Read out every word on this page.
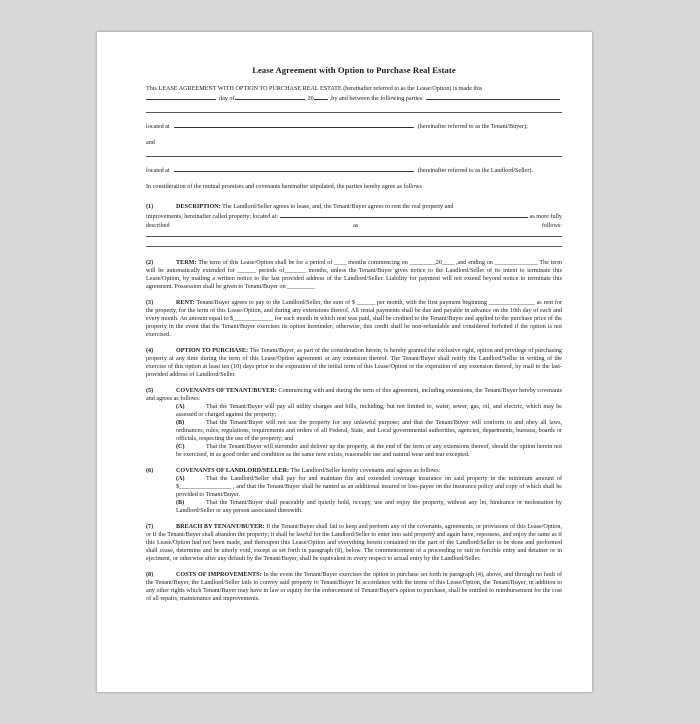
Lease Agreement with Option to Purchase Real Estate

This LEASE AGREEMENT WITH OPTION TO PURCHASE REAL ESTATE (hereinafter referred to as the Lease/Option) is made this

day of	, 20	,by and between the following parties:
located at	(hereinafter referred to as the Tenant/Buyer);

and

located at	(hereinafter referred to as the Landlord/Seller).

In consideration of the mutual promises and covenants hereinafter stipulated, the parties hereby agree as follows

(1)	DESCRIPTION: The Landlord/Seller agrees to lease, and, the Tenant/Buyer agrees to rent the real property and

improvements, hereinafter called property; located at:	as more fully
described	as	follows:

(2)	TERM: The term of this Lease/Option shall be for a period of ____ months commencing on ________,20____ ,and ending on ______________ The term will be automatically extended for ______ periods of_______ months, unless the Tenant/Buyer gives notice to the Landlord/Seller of its intent to terminate this Lease/Option, by mailing a written notice to the last provided address of the Landlord/Seller. Liability for payment will not extend beyond notice to terminate this agreement. Possession shall be given to Tenant/Buyer on _________

(3)	RENT: Tenant/Buyer agrees to pay to the Landlord/Seller, the sum of $ ______ per month, with the first payment beginning _______________ as rent for the property, for the term of this Lease/Option, and during any extensions thereof. All rental payments shall be due and payable in advance on the 10th day of each and every month. An amount equal to $_____________ for each month in which rent was paid, shall be credited to the Tenant/Buyer and applied to the purchase price of the property in the event that the Tenant/Buyer exercises its option hereunder; otherwise, this credit shall be non-refundable and considered forfeited if the option is not exercised.

(4)	OPTION TO PURCHASE: The Tenant/Buyer, as part of the consideration herein, is hereby granted the exclusive right, option and privilege of purchasing property at any time during the term of this Lease/Option agreement or any extension thereof. The Tenant/Buyer shall notify the Landlord/Seller in writing of the exercise of this option at least ten (10) days prior to the expiration of the initial term of this Lease/Option or the expiration of any extension thereof, by mail to the last-provided address of Landlord/Seller.

(5)	COVENANTS OF TENANT/BUYER: Commencing with and during the term of this agreement, including extensions, the Tenant/Buyer hereby covenants and agrees as follows:

(A)	That the Tenant/Buyer will pay all utility charges and bills, including, but not limited to, water, sewer, gas, oil, and electric, which may be assessed or charged against the property;

(B)	That the Tenant/Buyer will not use the property for any unlawful purpose; and that the Tenant/Buyer will conform to and obey all laws, ordinances, rules, regulations, requirements and orders of all Federal, State, and Local governmental authorities, agencies, departments, bureaus, boards or officials, respecting the use of the property; and

(C)	That the Tenant/Buyer will surrender and deliver up the property, at the end of the term or any extensions thereof, should the option herein not be exercised, in as good order and condition as the same now exists, reasonable use and natural wear and tear excepted.

(6)	COVENANTS OF LANDLORD/SELLER: The Landlord/Seller hereby covenants and agrees as follows:

(A)	That the Landlord/Seller shall pay for and maintain fire and extended coverage insurance on said property in the minimum amount of $_________________ , and that the Tenant/Buyer shall be named as an additional insured or loss-payee on the insurance policy and copy of which shall be provided to Tenant/Buyer.

(B)	That the Tenant/Buyer shall peaceably and quietly hold, occupy, use and enjoy the property, without any let, hindrance or molestation by Landlord/Seller or any person associated therewith.

(7)	BREACH BY TENANT/BUYER: If the Tenant/Buyer shall fail to keep and perform any of the covenants, agreements, or provisions of this Lease/Option, or If the Tenant/Buyer shall abandon the property; it shall be lawful for the Landlord/Seller to enter into said property and again have, repossess, and enjoy the same as if this Lease/Option had not been made, and thereupon this Lease/Option and everything herein contained on the part of the Landlord/Seller to be done and performed shall cease, determine and be utterly void, except as set forth in paragraph (8), below. The commencement of a proceeding or suit in forcible entry and detainer or in ejectment, or otherwise after any default by the Tenant/Buyer, shall be equivalent in every respect to actual entry by the Landlord/Seller.

(8)	COSTS OF IMPROVEMENTS: In the event the Tenant/Buyer exercises the option to purchase set forth in paragraph (4), above, and through no fault of the Tenant/Buyer, the Landlord/Seller fails to convey said property to Tenant/Buyer In accordance with the terms of this Lease/Option, the Tenant/Buyer, in addition to any other rights which Tenant/Buyer may have in law or equity for the enforcement of Tenant/Buyer's option to purchase, shall be entitled to reimbursement for the cost of all repairs, maintenance and improvements.
